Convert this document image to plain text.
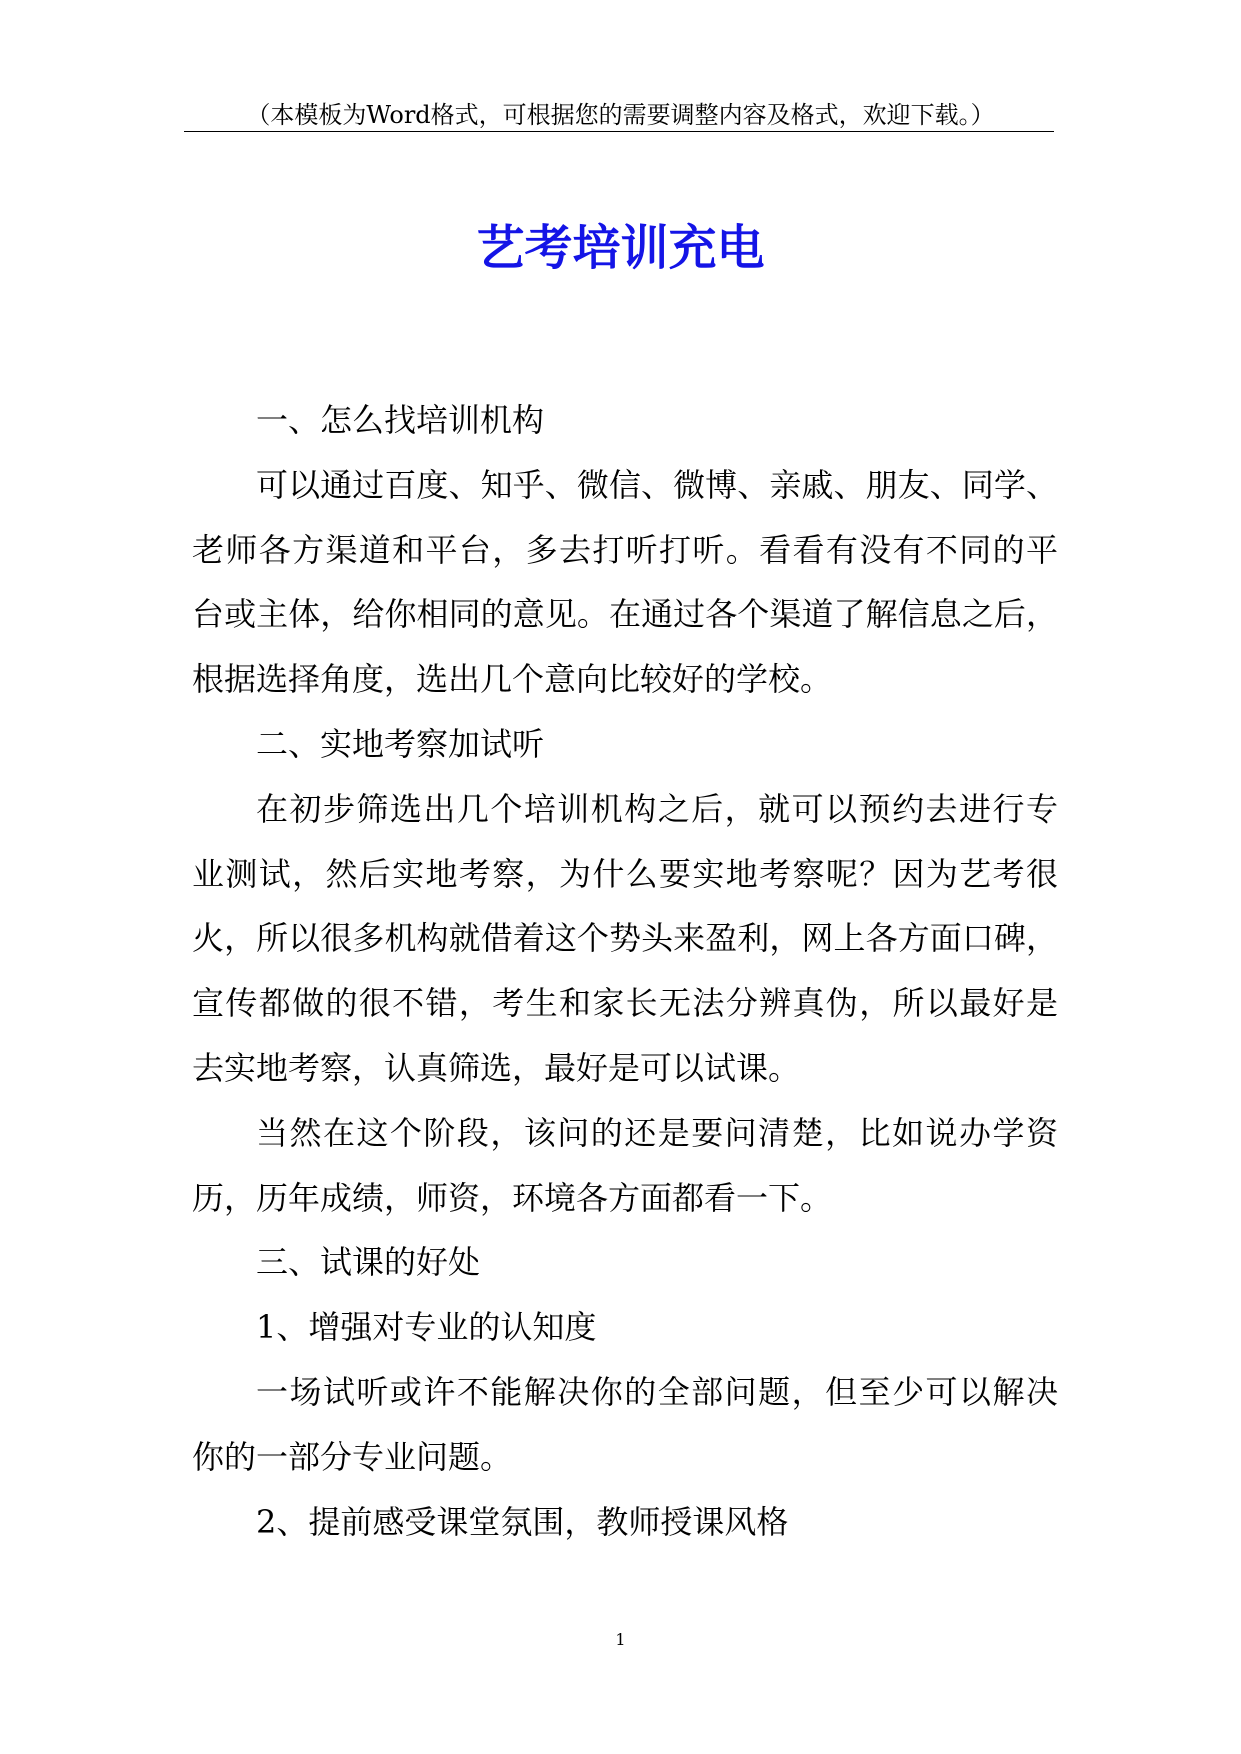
（本模板为Word格式，可根据您的需要调整内容及格式，欢迎下载。）
艺考培训充电
一、怎么找培训机构
可以通过百度、知乎、微信、微博、亲戚、朋友、同学、
老师各方渠道和平台，多去打听打听。看看有没有不同的平
台或主体，给你相同的意见。在通过各个渠道了解信息之后，
根据选择角度，选出几个意向比较好的学校。
二、实地考察加试听
在初步筛选出几个培训机构之后，就可以预约去进行专
业测试，然后实地考察，为什么要实地考察呢？因为艺考很
火，所以很多机构就借着这个势头来盈利，网上各方面口碑，
宣传都做的很不错，考生和家长无法分辨真伪，所以最好是
去实地考察，认真筛选，最好是可以试课。
当然在这个阶段，该问的还是要问清楚，比如说办学资
历，历年成绩，师资，环境各方面都看一下。
三、试课的好处
1、增强对专业的认知度
一场试听或许不能解决你的全部问题，但至少可以解决
你的一部分专业问题。
2、提前感受课堂氛围，教师授课风格
1
